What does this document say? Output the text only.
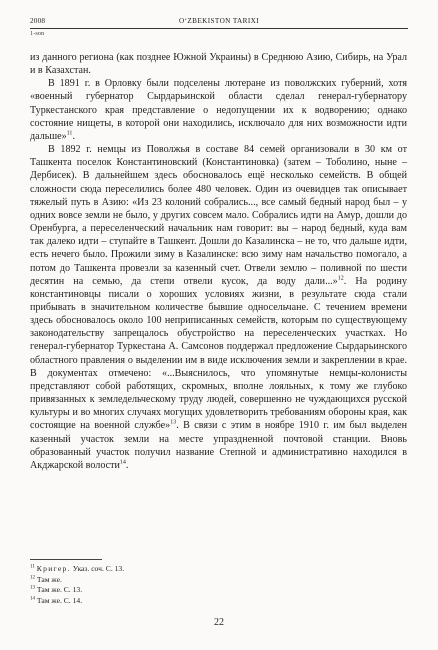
2008	O‘ZBEKISTON TARIXI
1-son

из данного региона (как позднее Южной Украины) в Среднюю Азию, Сибирь, на Урал и в Казахстан.

В 1891 г. в Орловку были подселены лютеране из поволжских губерний, хотя «военный губернатор Сырдарьинской области сделал генерал-губернатору Туркестанского края представление о недопущении их к водворению; однако состояние нищеты, в которой они находились, исключало для них возможности идти дальше»$^{11}$.

В 1892 г. немцы из Поволжья в составе 84 семей организовали в 30 км от Ташкента поселок Константиновский (Константиновка) (затем – Тоболино, ныне – Дербисек). В дальнейшем здесь обосновалось ещё несколько семейств. В общей сложности сюда переселились более 480 человек. Один из очевидцев так описывает тяжелый путь в Азию: «Из 23 колоний собрались..., все самый бедный народ был – у одних вовсе земли не было, у других совсем мало. Собрались идти на Амур, дошли до Оренбурга, а переселенческий начальник нам говорит: вы – народ бедный, куда вам так далеко идти – ступайте в Ташкент. Дошли до Казалинска – не то, что дальше идти, есть нечего было. Прожили зиму в Казалинске: всю зиму нам начальство помогало, а потом до Ташкента провезли за казенный счет. Отвели землю – поливной по шести десятин на семью, да степи отвели кусок, да воду дали...»$^{12}$. На родину константиновцы писали о хороших условиях жизни, в результате сюда стали прибывать в значительном количестве бывшие односельчане. С течением времени здесь обосновалось около 100 неприписанных семейств, которым по существующему законодательству запрещалось обустройство на переселенческих участках. Но генерал-губернатор Туркестана А. Самсонов поддержал предложение Сырдарьинского областного правления о выделении им в виде исключения земли и закреплении в крае. В документах отмечено: «...Выяснилось, что упомянутые немцы-колонисты представляют собой работящих, скромных, вполне лояльных, к тому же глубоко привязанных к земледельческому труду людей, совершенно не чуждающихся русской культуры и во многих случаях могущих удовлетворить требованиям обороны края, как состоящие на военной службе»$^{13}$. В связи с этим в ноябре 1910 г. им был выделен казенный участок земли на месте упраздненной почтовой станции. Вновь образованный участок получил название Степной и административно находился в Акджарской волости$^{14}$.

$^{11}$ Кригер. Указ. соч. С. 13.
$^{12}$ Там же.
$^{13}$ Там же. С. 13.
$^{14}$ Там же. С. 14.
22
